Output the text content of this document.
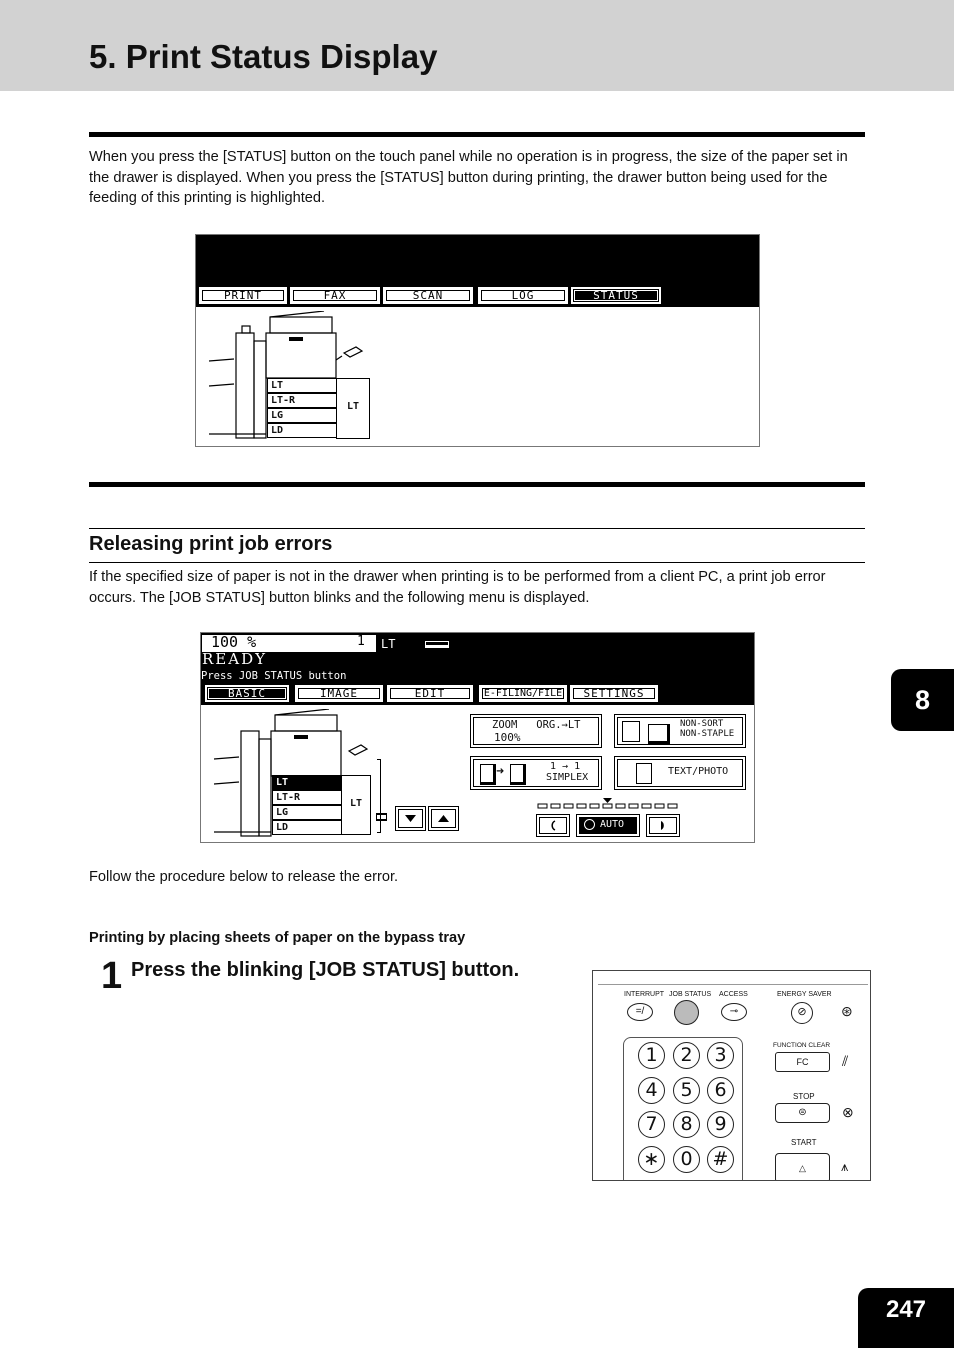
5. Print Status Display

When you press the [STATUS] button on the touch panel while no operation is in progress, the size of the paper set in the drawer is displayed. When you press the [STATUS] button during printing, the drawer button being used for the feeding of this printing is highlighted.

PRINT	FAX	SCAN	LOG	STATUS
LT
LT-R
LG
LD
LT
Releasing print job errors

If the specified size of paper is not in the drawer when printing is to be performed from a client PC, a print job error occurs. The [JOB STATUS] button blinks and the following menu is displayed.

100 %	1 LT
READY
Press JOB STATUS button
BASIC	IMAGE	EDIT	E-FILING/FILE	SETTINGS
LT
LT-R
LG
LD
LT
ZOOM   ORG.→LT
100%
NON-SORT
NON-STAPLE
➜	1 → 1
SIMPLEX
TEXT/PHOTO
AUTO

Follow the procedure below to release the error.

Printing by placing sheets of paper on the bypass tray

1 Press the blinking [JOB STATUS] button.
INTERRUPT JOB STATUS ACCESS	ENERGY SAVER
=/	⊸	⊘	⊛
FUNCTION CLEAR
FC	⫽
STOP
⊜	⊗
START
△	⩚
1	2	3
4	5	6
7	8	9
∗	0	#
8
247
